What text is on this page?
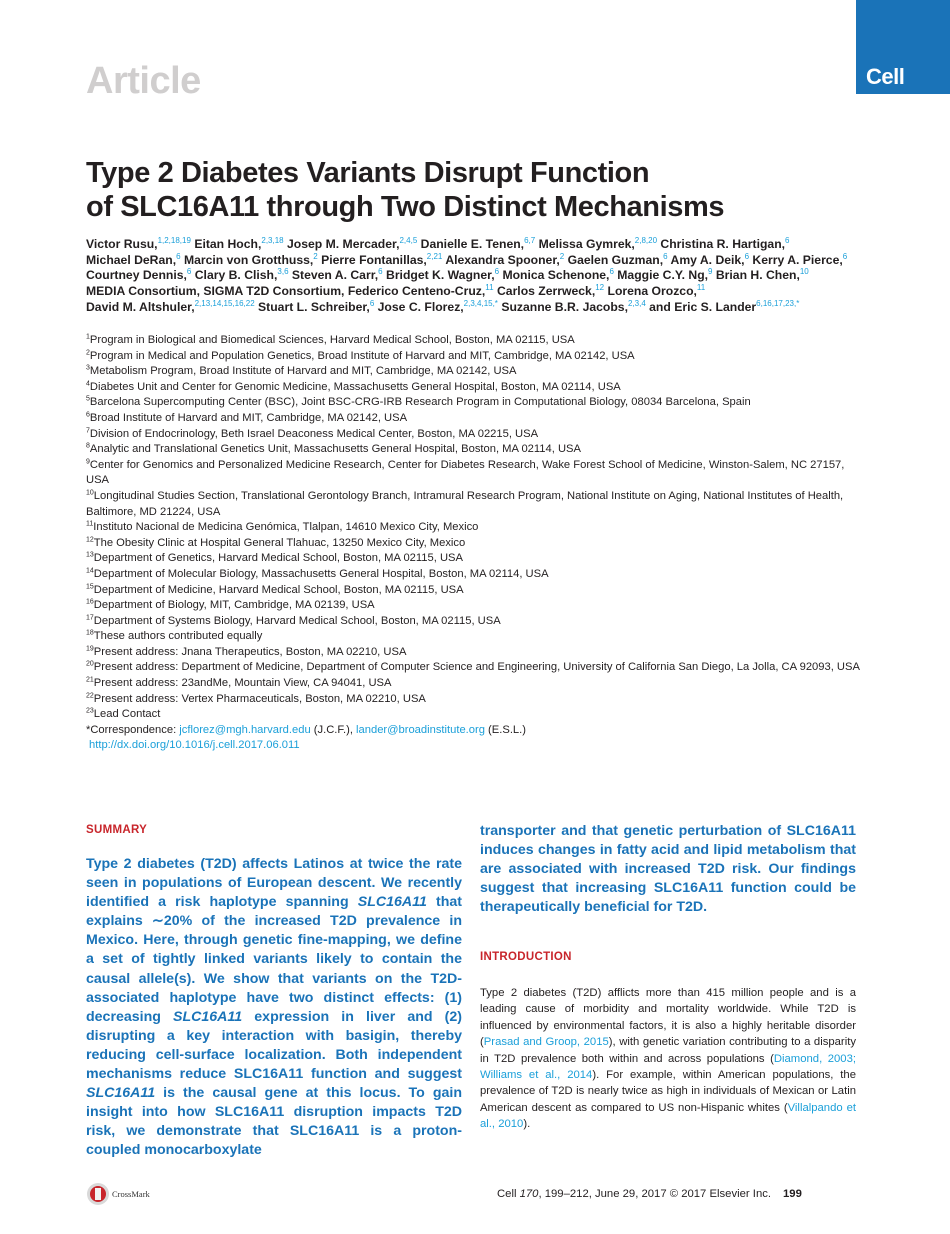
Article	Cell
Type 2 Diabetes Variants Disrupt Function
of SLC16A11 through Two Distinct Mechanisms
Victor Rusu,$^{1,2,18,19}$ Eitan Hoch,$^{2,3,18}$ Josep M. Mercader,$^{2,4,5}$ Danielle E. Tenen,$^{6,7}$ Melissa Gymrek,$^{2,8,20}$ Christina R. Hartigan,$^6$ Michael DeRan,$^6$ Marcin von Grotthuss,$^2$ Pierre Fontanillas,$^{2,21}$ Alexandra Spooner,$^2$ Gaelen Guzman,$^6$ Amy A. Deik,$^6$ Kerry A. Pierce,$^6$ Courtney Dennis,$^6$ Clary B. Clish,$^{3,6}$ Steven A. Carr,$^6$ Bridget K. Wagner,$^6$ Monica Schenone,$^6$ Maggie C.Y. Ng,$^9$ Brian H. Chen,$^{10}$ MEDIA Consortium, SIGMA T2D Consortium, Federico Centeno-Cruz,$^{11}$ Carlos Zerrweck,$^{12}$ Lorena Orozco,$^{11}$ David M. Altshuler,$^{2,13,14,15,16,22}$ Stuart L. Schreiber,$^6$ Jose C. Florez,$^{2,3,4,15,*}$ Suzanne B.R. Jacobs,$^{2,3,4}$ and Eric S. Lander$^{6,16,17,23,*}$
$^1$Program in Biological and Biomedical Sciences, Harvard Medical School, Boston, MA 02115, USA
$^2$Program in Medical and Population Genetics, Broad Institute of Harvard and MIT, Cambridge, MA 02142, USA
$^3$Metabolism Program, Broad Institute of Harvard and MIT, Cambridge, MA 02142, USA
$^4$Diabetes Unit and Center for Genomic Medicine, Massachusetts General Hospital, Boston, MA 02114, USA
$^5$Barcelona Supercomputing Center (BSC), Joint BSC-CRG-IRB Research Program in Computational Biology, 08034 Barcelona, Spain
$^6$Broad Institute of Harvard and MIT, Cambridge, MA 02142, USA
$^7$Division of Endocrinology, Beth Israel Deaconess Medical Center, Boston, MA 02215, USA
$^8$Analytic and Translational Genetics Unit, Massachusetts General Hospital, Boston, MA 02114, USA
$^9$Center for Genomics and Personalized Medicine Research, Center for Diabetes Research, Wake Forest School of Medicine, Winston-Salem, NC 27157, USA
$^{10}$Longitudinal Studies Section, Translational Gerontology Branch, Intramural Research Program, National Institute on Aging, National Institutes of Health, Baltimore, MD 21224, USA
$^{11}$Instituto Nacional de Medicina Genómica, Tlalpan, 14610 Mexico City, Mexico
$^{12}$The Obesity Clinic at Hospital General Tlahuac, 13250 Mexico City, Mexico
$^{13}$Department of Genetics, Harvard Medical School, Boston, MA 02115, USA
$^{14}$Department of Molecular Biology, Massachusetts General Hospital, Boston, MA 02114, USA
$^{15}$Department of Medicine, Harvard Medical School, Boston, MA 02115, USA
$^{16}$Department of Biology, MIT, Cambridge, MA 02139, USA
$^{17}$Department of Systems Biology, Harvard Medical School, Boston, MA 02115, USA
$^{18}$These authors contributed equally
$^{19}$Present address: Jnana Therapeutics, Boston, MA 02210, USA
$^{20}$Present address: Department of Medicine, Department of Computer Science and Engineering, University of California San Diego, La Jolla, CA 92093, USA
$^{21}$Present address: 23andMe, Mountain View, CA 94041, USA
$^{22}$Present address: Vertex Pharmaceuticals, Boston, MA 02210, USA
$^{23}$Lead Contact
*Correspondence: jcflorez@mgh.harvard.edu (J.C.F.), lander@broadinstitute.org (E.S.L.)
http://dx.doi.org/10.1016/j.cell.2017.06.011
SUMMARY
Type 2 diabetes (T2D) affects Latinos at twice the rate seen in populations of European descent. We recently identified a risk haplotype spanning SLC16A11 that explains ∼20% of the increased T2D prevalence in Mexico. Here, through genetic fine-mapping, we define a set of tightly linked variants likely to contain the causal allele(s). We show that variants on the T2D-associated haplotype have two distinct effects: (1) decreasing SLC16A11 expression in liver and (2) disrupting a key interaction with basigin, thereby reducing cell-surface localization. Both independent mechanisms reduce SLC16A11 function and suggest SLC16A11 is the causal gene at this locus. To gain insight into how SLC16A11 disruption impacts T2D risk, we demonstrate that SLC16A11 is a proton-coupled monocarboxylate
transporter and that genetic perturbation of SLC16A11 induces changes in fatty acid and lipid metabolism that are associated with increased T2D risk. Our findings suggest that increasing SLC16A11 function could be therapeutically beneficial for T2D.
INTRODUCTION
Type 2 diabetes (T2D) afflicts more than 415 million people and is a leading cause of morbidity and mortality worldwide. While T2D is influenced by environmental factors, it is also a highly heritable disorder (Prasad and Groop, 2015), with genetic variation contributing to a disparity in T2D prevalence both within and across populations (Diamond, 2003; Williams et al., 2014). For example, within American populations, the prevalence of T2D is nearly twice as high in individuals of Mexican or Latin American descent as compared to US non-Hispanic whites (Villalpando et al., 2010).
CrossMark	Cell 170, 199–212, June 29, 2017 © 2017 Elsevier Inc. 199
